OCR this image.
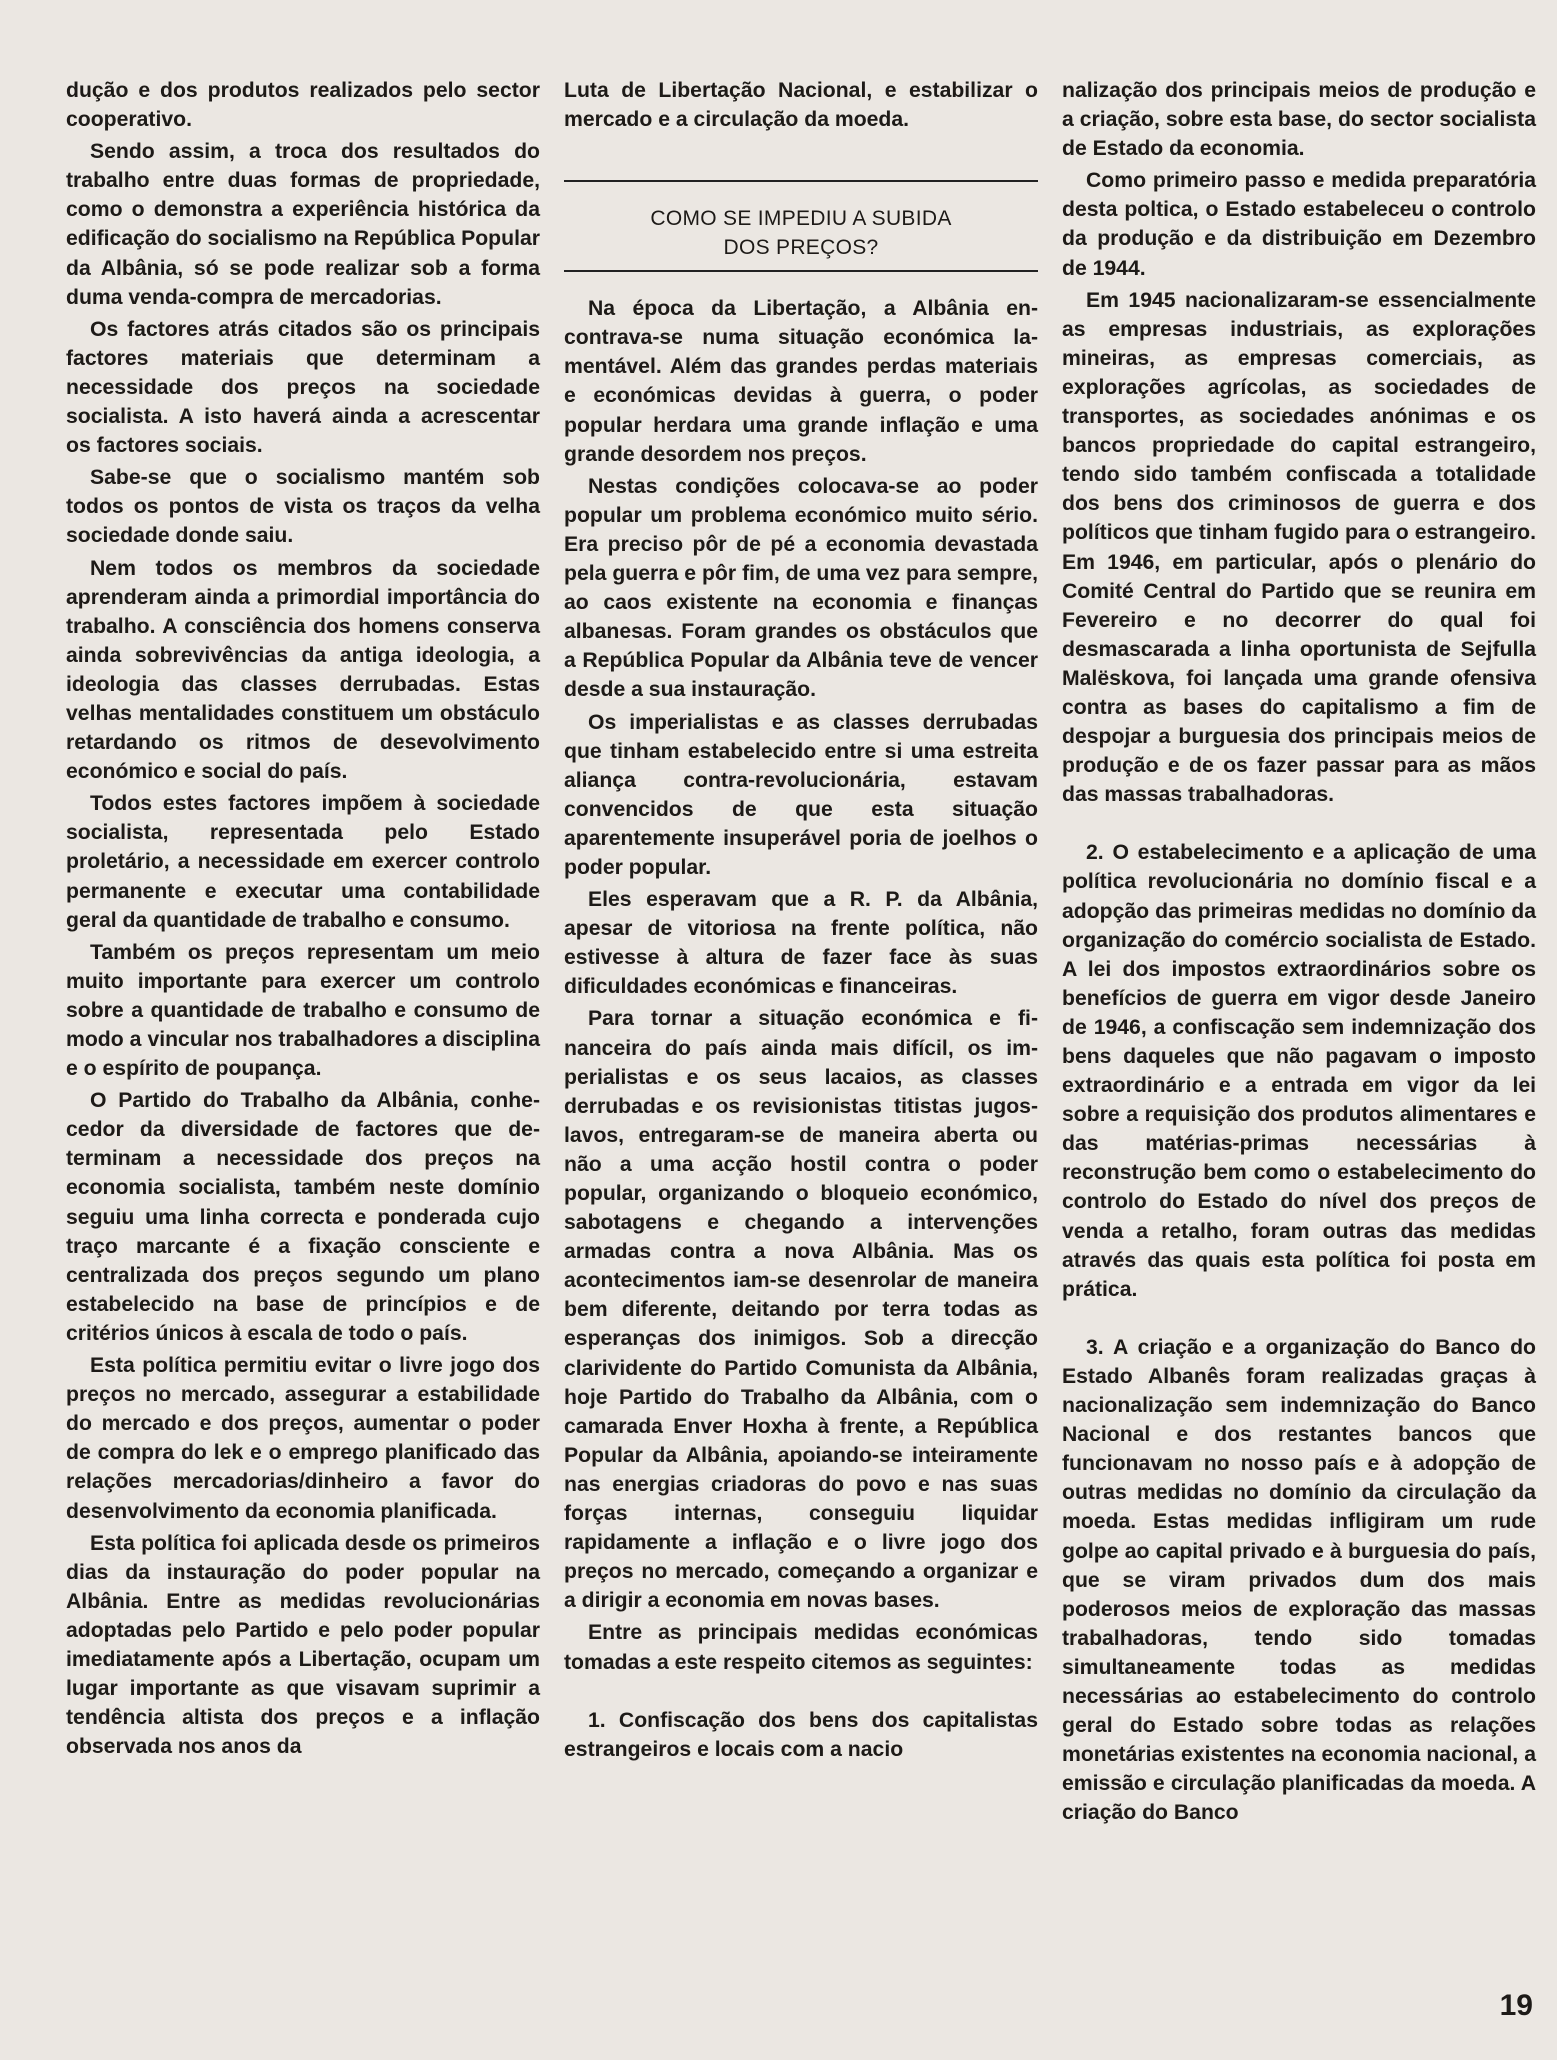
dução e dos produtos realizados pelo sector cooperativo.

Sendo assim, a troca dos resultados do trabalho entre duas formas de propriedade, como o demonstra a experiência histórica da edificação do socialismo na República Popular da Albânia, só se pode realizar sob a forma duma venda-compra de mercadorias.

Os factores atrás citados são os principais factores materiais que determinam a necessidade dos preços na sociedade socialista. A isto haverá ainda a acrescentar os factores sociais.

Sabe-se que o socialismo mantém sob todos os pontos de vista os traços da velha sociedade donde saiu.

Nem todos os membros da sociedade aprenderam ainda a primordial importância do trabalho. A consciência dos homens conserva ainda sobrevivências da antiga ideologia, a ideologia das classes derrubadas. Estas velhas mentalidades constituem um obstáculo retardando os ritmos de desevolvimento económico e social do país.

Todos estes factores impõem à sociedade socialista, representada pelo Estado proletário, a necessidade em exercer controlo permanente e executar uma contabilidade geral da quantidade de trabalho e consumo.

Também os preços representam um meio muito importante para exercer um controlo sobre a quantidade de trabalho e consumo de modo a vincular nos trabalhadores a disciplina e o espírito de poupança.

O Partido do Trabalho da Albânia, conhecedor da diversidade de factores que determinam a necessidade dos preços na economia socialista, também neste domínio seguiu uma linha correcta e ponderada cujo traço marcante é a fixação consciente e centralizada dos preços segundo um plano estabelecido na base de princípios e de critérios únicos à escala de todo o país.

Esta política permitiu evitar o livre jogo dos preços no mercado, assegurar a estabilidade do mercado e dos preços, aumentar o poder de compra do lek e o emprego planificado das relações mercadorias/dinheiro a favor do desenvolvimento da economia planificada.

Esta política foi aplicada desde os primeiros dias da instauração do poder popular na Albânia. Entre as medidas revolucionárias adoptadas pelo Partido e pelo poder popular imediatamente após a Libertação, ocupam um lugar importante as que visavam suprimir a tendência altista dos preços e a inflação observada nos anos da

Luta de Libertação Nacional, e estabilizar o mercado e a circulação da moeda.

COMO SE IMPEDIU A SUBIDA
DOS PREÇOS?

Na época da Libertação, a Albânia encontrava-se numa situação económica lamentável. Além das grandes perdas materiais e económicas devidas à guerra, o poder popular herdara uma grande inflação e uma grande desordem nos preços.

Nestas condições colocava-se ao poder popular um problema económico muito sério. Era preciso pôr de pé a economia devastada pela guerra e pôr fim, de uma vez para sempre, ao caos existente na economia e finanças albanesas. Foram grandes os obstáculos que a República Popular da Albânia teve de vencer desde a sua instauração.

Os imperialistas e as classes derrubadas que tinham estabelecido entre si uma estreita aliança contra-revolucionária, estavam convencidos de que esta situação aparentemente insuperável poria de joelhos o poder popular.

Eles esperavam que a R. P. da Albânia, apesar de vitoriosa na frente política, não estivesse à altura de fazer face às suas dificuldades económicas e financeiras.

Para tornar a situação económica e financeira do país ainda mais difícil, os imperialistas e os seus lacaios, as classes derrubadas e os revisionistas titistas jugoslavos, entregaram-se de maneira aberta ou não a uma acção hostil contra o poder popular, organizando o bloqueio económico, sabotagens e chegando a intervenções armadas contra a nova Albânia. Mas os acontecimentos iam-se desenrolar de maneira bem diferente, deitando por terra todas as esperanças dos inimigos. Sob a direcção clarividente do Partido Comunista da Albânia, hoje Partido do Trabalho da Albânia, com o camarada Enver Hoxha à frente, a República Popular da Albânia, apoiando-se inteiramente nas energias criadoras do povo e nas suas forças internas, conseguiu liquidar rapidamente a inflação e o livre jogo dos preços no mercado, começando a organizar e a dirigir a economia em novas bases.

Entre as principais medidas económicas tomadas a este respeito citemos as seguintes:

1. Confiscação dos bens dos capitalistas estrangeiros e locais com a nacio

nalização dos principais meios de produção e a criação, sobre esta base, do sector socialista de Estado da economia.

Como primeiro passo e medida preparatória desta poltica, o Estado estabeleceu o controlo da produção e da distribuição em Dezembro de 1944.

Em 1945 nacionalizaram-se essencialmente as empresas industriais, as explorações mineiras, as empresas comerciais, as explorações agrícolas, as sociedades de transportes, as sociedades anónimas e os bancos propriedade do capital estrangeiro, tendo sido também confiscada a totalidade dos bens dos criminosos de guerra e dos políticos que tinham fugido para o estrangeiro. Em 1946, em particular, após o plenário do Comité Central do Partido que se reunira em Fevereiro e no decorrer do qual foi desmascarada a linha oportunista de Sejfulla Malëskova, foi lançada uma grande ofensiva contra as bases do capitalismo a fim de despojar a burguesia dos principais meios de produção e de os fazer passar para as mãos das massas trabalhadoras.

2. O estabelecimento e a aplicação de uma política revolucionária no domínio fiscal e a adopção das primeiras medidas no domínio da organização do comércio socialista de Estado. A lei dos impostos extraordinários sobre os benefícios de guerra em vigor desde Janeiro de 1946, a confiscação sem indemnização dos bens daqueles que não pagavam o imposto extraordinário e a entrada em vigor da lei sobre a requisição dos produtos alimentares e das matérias-primas necessárias à reconstrução bem como o estabelecimento do controlo do Estado do nível dos preços de venda a retalho, foram outras das medidas através das quais esta política foi posta em prática.

3. A criação e a organização do Banco do Estado Albanês foram realizadas graças à nacionalização sem indemnização do Banco Nacional e dos restantes bancos que funcionavam no nosso país e à adopção de outras medidas no domínio da circulação da moeda. Estas medidas infligiram um rude golpe ao capital privado e à burguesia do país, que se viram privados dum dos mais poderosos meios de exploração das massas trabalhadoras, tendo sido tomadas simultaneamente todas as medidas necessárias ao estabelecimento do controlo geral do Estado sobre todas as relações monetárias existentes na economia nacional, a emissão e circulação planificadas da moeda. A criação do Banco

19
